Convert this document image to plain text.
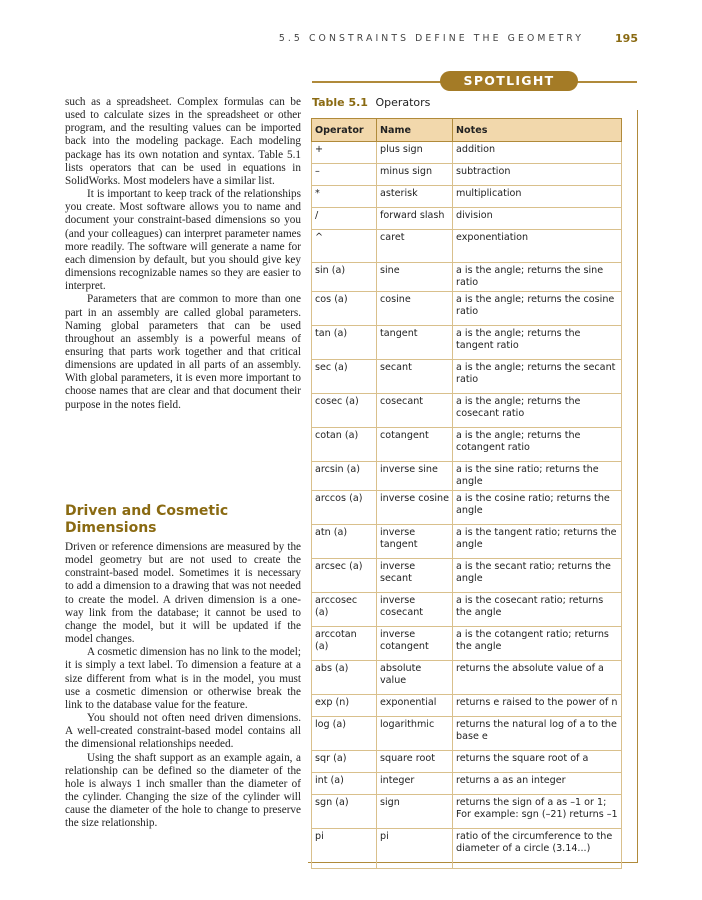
5.5 CONSTRAINTS DEFINE THE GEOMETRY	195
SPOTLIGHT

such as a spreadsheet. Complex formulas can be used to calculate sizes in the spreadsheet or other program, and the resulting values can be imported back into the modeling package. Each modeling package has its own notation and syntax. Table 5.1 lists operators that can be used in equations in SolidWorks. Most modelers have a similar list.

It is important to keep track of the relationships you create. Most software allows you to name and document your constraint-based dimensions so you (and your colleagues) can interpret parameter names more readily. The software will generate a name for each dimension by default, but you should give key dimensions recognizable names so they are easier to interpret.

Parameters that are common to more than one part in an assembly are called global parameters. Naming global parameters that can be used throughout an assembly is a powerful means of ensuring that parts work together and that critical dimensions are updated in all parts of an assembly. With global parameters, it is even more important to choose names that are clear and that document their purpose in the notes field.

Driven and Cosmetic Dimensions

Driven or reference dimensions are measured by the model geometry but are not used to create the constraint-based model. Sometimes it is necessary to add a dimension to a drawing that was not needed to create the model. A driven dimension is a one-way link from the database; it cannot be used to change the model, but it will be updated if the model changes.

A cosmetic dimension has no link to the model; it is simply a text label. To dimension a feature at a size different from what is in the model, you must use a cosmetic dimension or otherwise break the link to the database value for the feature.

You should not often need driven dimensions. A well-created constraint-based model contains all the dimensional relationships needed.

Using the shaft support as an example again, a relationship can be defined so the diameter of the hole is always 1 inch smaller than the diameter of the cylinder. Changing the size of the cylinder will cause the diameter of the hole to change to preserve the size relationship.

Table 5.1 Operators
Operator	Name	Notes
+	plus sign	addition
–	minus sign	subtraction
*	asterisk	multiplication
/	forward slash	division
^	caret	exponentiation
sin (a)	sine	a is the angle; returns the sine ratio
cos (a)	cosine	a is the angle; returns the cosine ratio
tan (a)	tangent	a is the angle; returns the tangent ratio
sec (a)	secant	a is the angle; returns the secant ratio
cosec (a)	cosecant	a is the angle; returns the cosecant ratio
cotan (a)	cotangent	a is the angle; returns the cotangent ratio
arcsin (a)	inverse sine	a is the sine ratio; returns the angle
arccos (a)	inverse cosine	a is the cosine ratio; returns the angle
atn (a)	inverse tangent	a is the tangent ratio; returns the angle
arcsec (a)	inverse secant	a is the secant ratio; returns the angle
arccosec (a)	inverse cosecant	a is the cosecant ratio; returns the angle
arccotan (a)	inverse cotangent	a is the cotangent ratio; returns the angle
abs (a)	absolute value	returns the absolute value of a
exp (n)	exponential	returns e raised to the power of n
log (a)	logarithmic	returns the natural log of a to the base e
sqr (a)	square root	returns the square root of a
int (a)	integer	returns a as an integer
sgn (a)	sign	returns the sign of a as –1 or 1; For example: sgn (–21) returns –1
pi	pi	ratio of the circumference to the diameter of a circle (3.14...)
